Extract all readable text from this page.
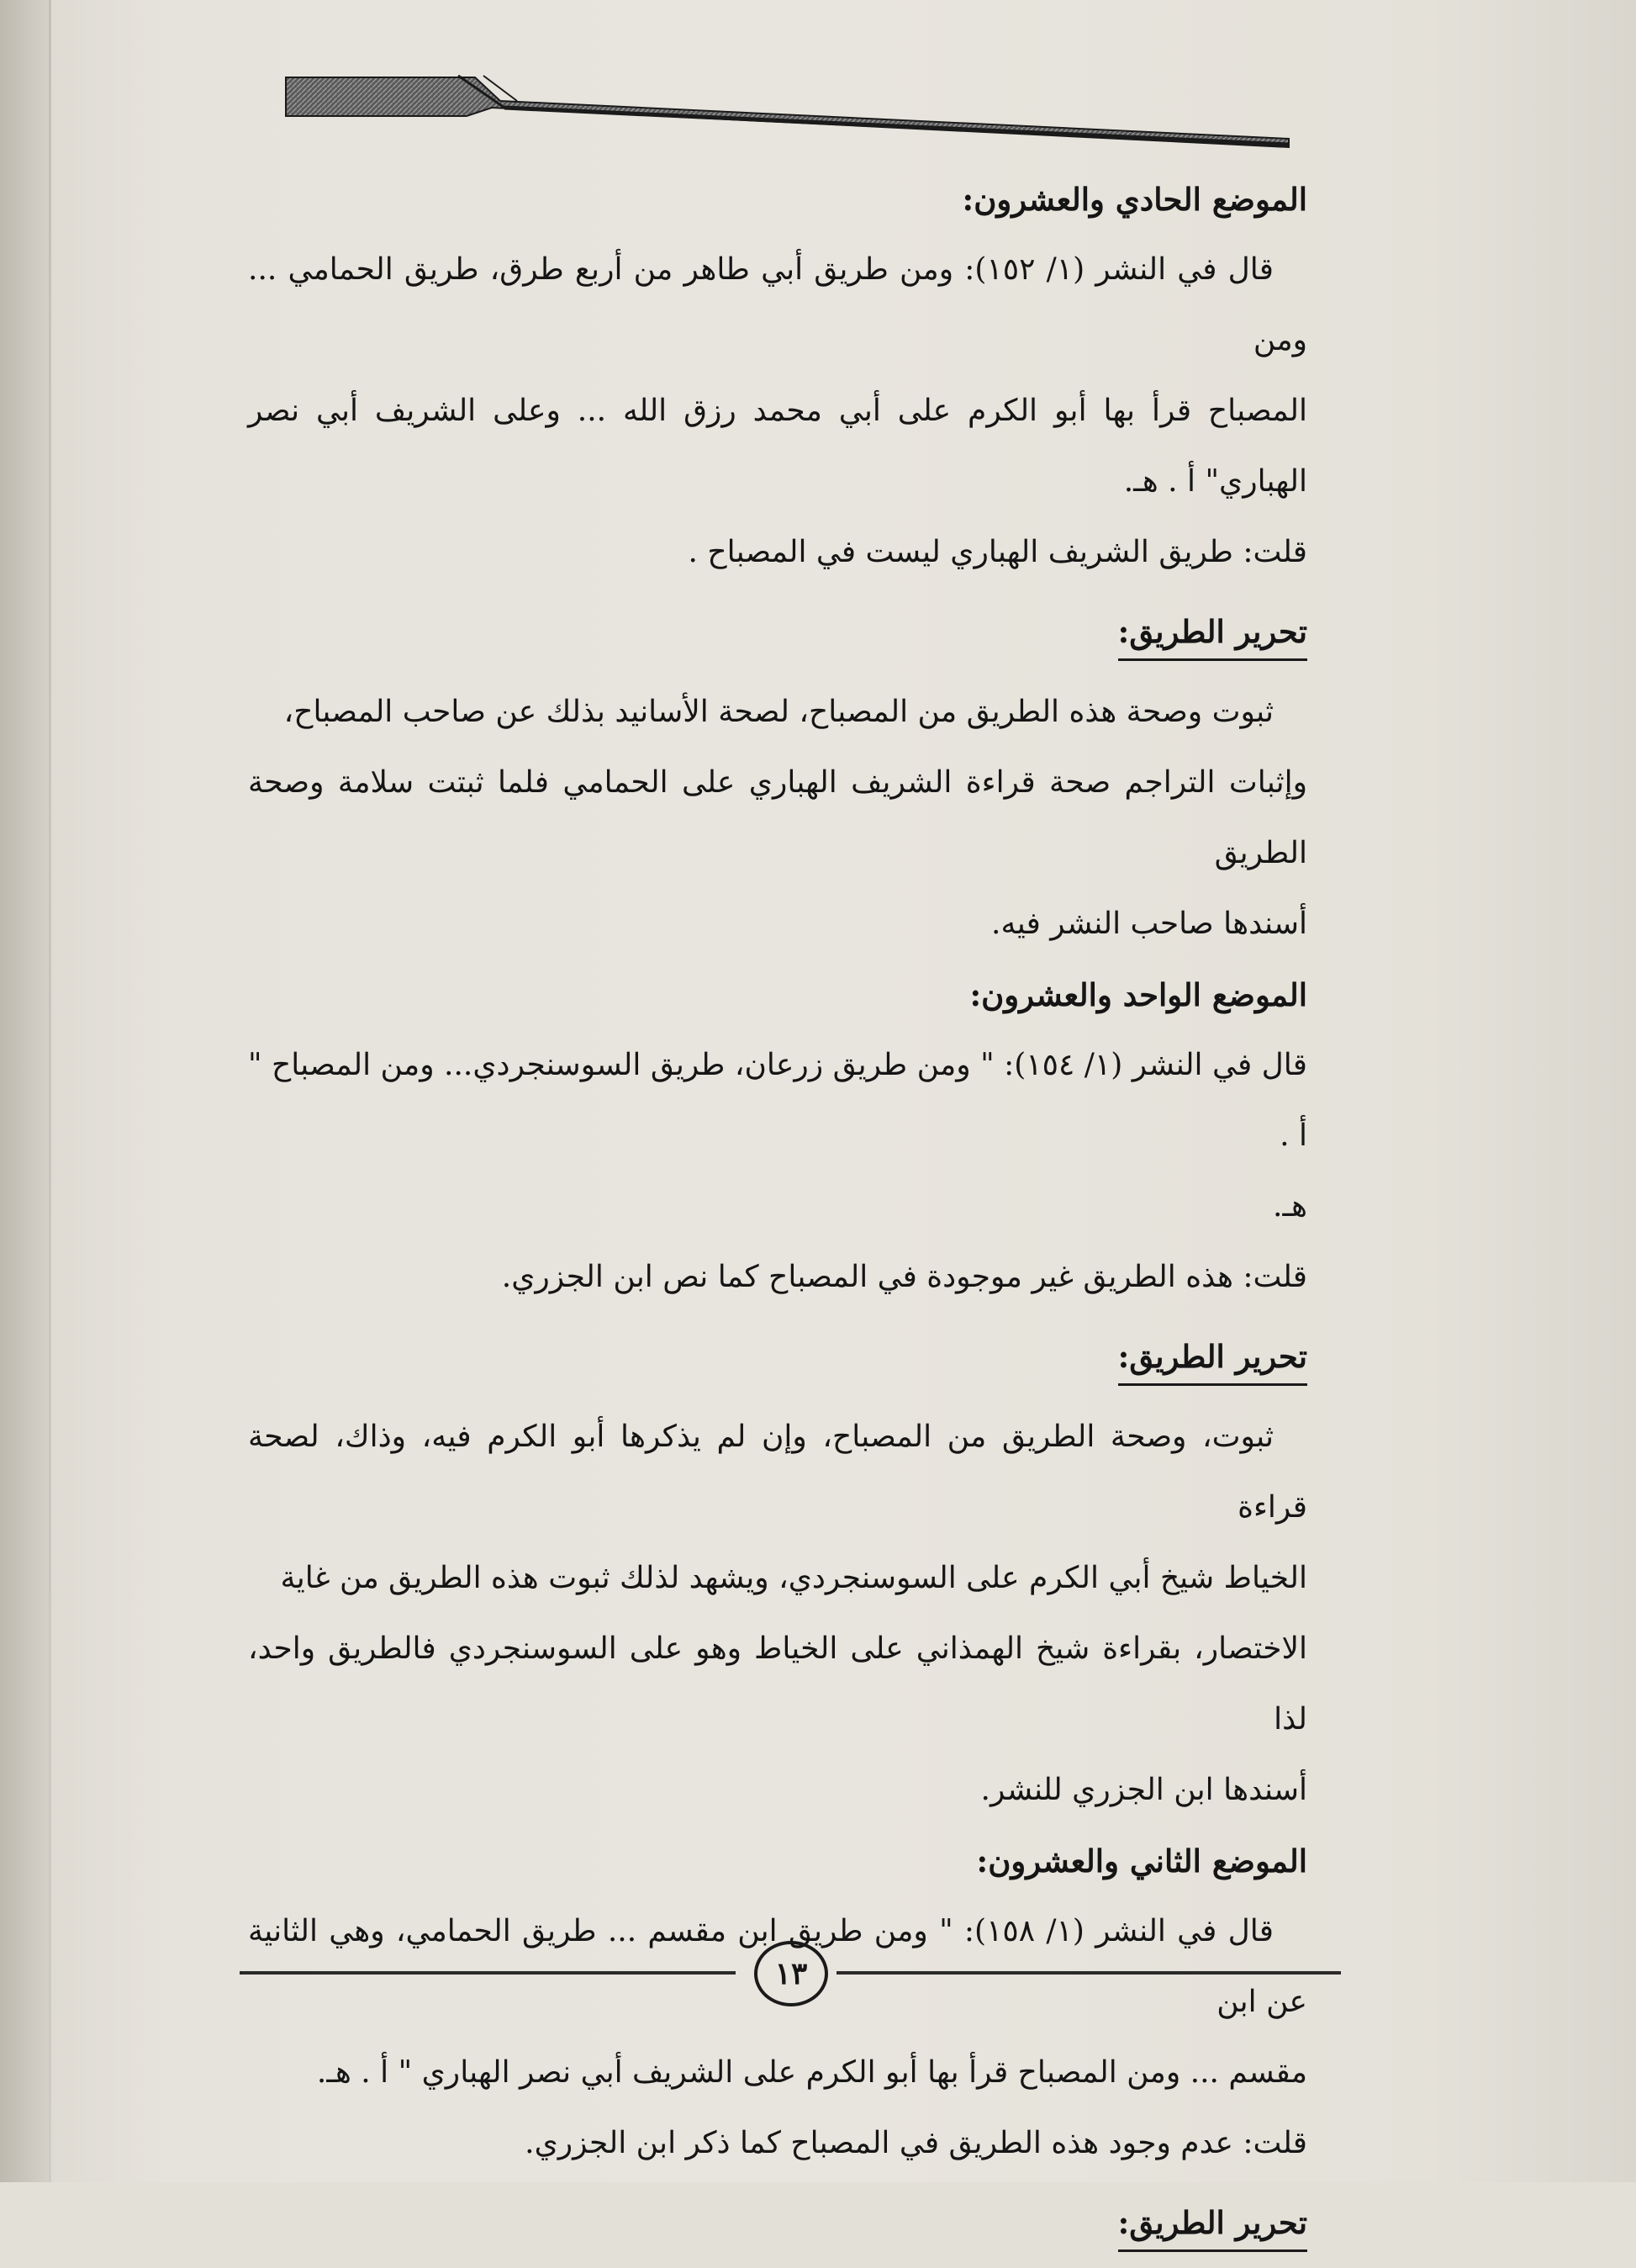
الموضع الحادي والعشرون:

قال في النشر (١/ ١٥٢): ومن طريق أبي طاهر من أربع طرق، طريق الحمامي ... ومن

المصباح قرأ بها أبو الكرم على أبي محمد رزق الله ... وعلى الشريف أبي نصر الهباري" أ . هـ.

قلت: طريق الشريف الهباري ليست في المصباح .

تحرير الطريق:

ثبوت وصحة هذه الطريق من المصباح، لصحة الأسانيد بذلك عن صاحب المصباح،

وإثبات التراجم صحة قراءة الشريف الهباري على الحمامي فلما ثبتت سلامة وصحة الطريق

أسندها صاحب النشر فيه.

الموضع الواحد والعشرون:

قال في النشر (١/ ١٥٤): " ومن طريق زرعان، طريق السوسنجردي... ومن المصباح " أ .

هـ.

قلت: هذه الطريق غير موجودة في المصباح كما نص ابن الجزري.

تحرير الطريق:

ثبوت، وصحة الطريق من المصباح، وإن لم يذكرها أبو الكرم فيه، وذاك، لصحة قراءة

الخياط شيخ أبي الكرم على السوسنجردي، ويشهد لذلك ثبوت هذه الطريق من غاية

الاختصار، بقراءة شيخ الهمذاني على الخياط وهو على السوسنجردي فالطريق واحد، لذا

أسندها ابن الجزري للنشر.

الموضع الثاني والعشرون:

قال في النشر (١/ ١٥٨): " ومن طريق ابن مقسم ... طريق الحمامي، وهي الثانية عن ابن

مقسم ... ومن المصباح قرأ بها أبو الكرم على الشريف أبي نصر الهباري " أ . هـ.

قلت: عدم وجود هذه الطريق في المصباح كما ذكر ابن الجزري.

تحرير الطريق:
١٣
